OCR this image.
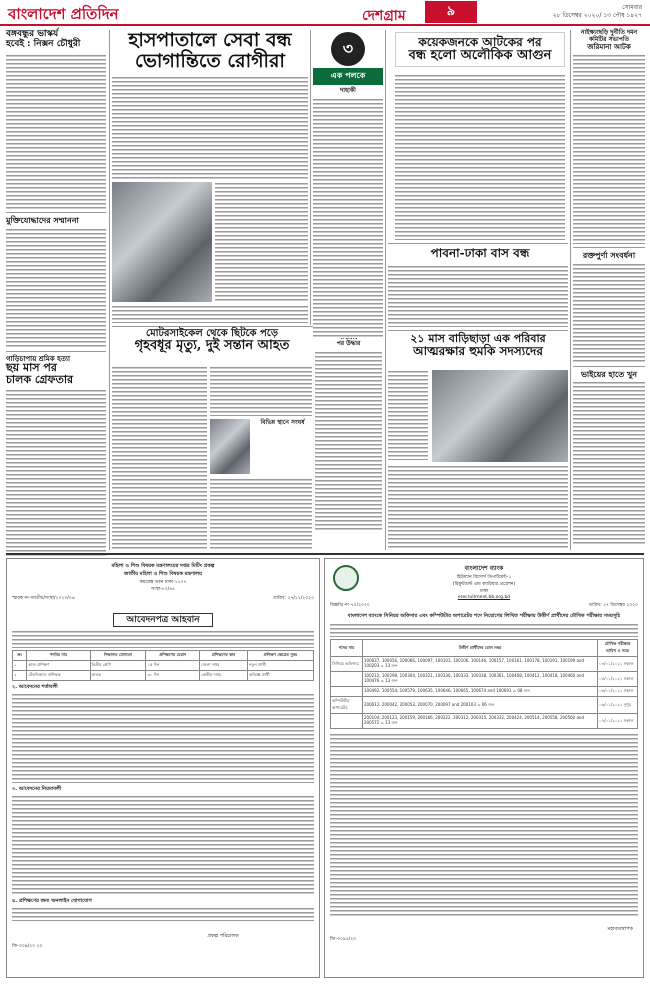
বাংলাদেশ প্রতিদিন	দেশগ্রাম	৯	সোমবার
২৮ ডিসেম্বর ২০২০/ ১৩ পৌষ ১৪২৭
বঙ্গবন্ধুর ভাস্কর্য
হবেই : নিক্সন চৌধুরী
মুক্তিযোদ্ধাদের সম্মাননা
গাড়িচাপায় শ্রমিক হত্যা
ছয় মাস পর
চালক গ্রেফতার
হাসপাতালে সেবা বন্ধ
ভোগান্তিতে রোগীরা
মোটরসাইকেল থেকে ছিটকে পড়ে
গৃহবধূর মৃত্যু, দুই সন্তান আহত
বিভিন্ন স্থানে সংঘর্ষ
পর উদ্ধার
৩
এক পলকে
দাহাকী
কয়েকজনকে আটকের পর
বন্ধ হলো অলৌকিক আগুন
পাবনা-ঢাকা বাস বন্ধ
২১ মাস বাড়িছাড়া এক পরিবার
আত্মরক্ষার হুমকি সদস্যদের
নাইক্ষ্যংছড়ি দুর্নীতি দমন কমিটির সভাপতি
জরিমানা আটক
রক্তপুর্ণা সংবর্ধনা
ভাইয়ের হাতে খুন
মহিলা ও শিশু বিষয়ক মন্ত্রণালয়ের দপ্তর মিটিং প্রকল্প
জাতীয় মহিলা ও শিশু বিষয়ক মন্ত্রণালয়
কমপ্লেক্স ভবন ঢাকা-১২০৭
সংস্থা-৮০/৪৫
স্মারক নং-জাতীয়/সংস্থা/২০২০/০৬	তারিখ: ২৭/১২/২০২০
আবেদনপত্র আহবান
ক্র:	পদবির নাম	শিক্ষাগত যোগ্যতা	প্রশিক্ষণের মেয়াদ	প্রশিক্ষণের স্থান	প্রশিক্ষণ ক্ষেত্রের সুষম
১	কাজ প্রশিক্ষণ	দ্বিতীয় শ্রেণি	১৫ দিন	জেলা দপ্তর	নতুন প্রার্থী
২	টেকনিক্যাল প্রশিক্ষক	স্নাতক	৩০ দিন	কেন্দ্রীয় দপ্তর	অভিজ্ঞ প্রার্থী
২. আবেদনের শর্তাবলী
৩. আবেদনের নিয়মাবলী
৪. প্রশিক্ষণের জন্য অনলাইন যোগাযোগ
প্রকল্প পরিচালক
জি-৩০৯/২০ ২০
বাংলাদেশ ব্যাংক
হিউম্যান রিসোর্স ডিপার্টমেন্ট-১
(রিক্রুটমেন্ট এন্ড ক্যারিয়ার প্রগ্রেশন)
ঢাকা
erecruitment.bb.org.bd
বিজ্ঞপ্তি নং-৭০/২০২০	তারিখ: ২৭ ডিসেম্বর ২০২০
বাংলাদেশ ব্যাংকে সিনিয়র অফিসার এবং কম্পিউটার অপারেটর পদে নিয়োগের লিখিত পরীক্ষায় উত্তীর্ণ প্রার্থীদের মৌখিক পরীক্ষার সময়সূচি
পদের নাম	উত্তীর্ণ প্রার্থীদের রোল নম্বর	মৌখিক পরীক্ষার তারিখ ও সময়
সিনিয়র অফিসার	100037, 100056, 100066, 100097, 100103, 100106, 100146, 100157, 100161, 100178, 100191, 100199 and 100203 = 13 জন	০৪/০১/২০২১ সকাল
	100212, 100298, 100304, 100321, 100330, 100333, 100338, 100361, 100408, 100412, 100418, 100460 and 100476 = 13 জন	০৫/০১/২০২১ সকাল
	100492, 100554, 100579, 100635, 100646, 100665, 100674 and 100691 = 08 জন	০৬/০১/২০২১ সকাল
কম্পিউটার অপারেটর	200012, 200042, 200053, 200070, 200097 and 200103 = 06 জন	০৬/০১/২০২১ দুপুর
	200104, 200123, 200159, 200166, 200222, 200312, 200315, 200332, 200424, 200514, 200558, 200560 and 200572 = 13 জন	০৭/০১/২০২১ সকাল
মহাব্যবস্থাপক
জি-৩০৯২/২০
